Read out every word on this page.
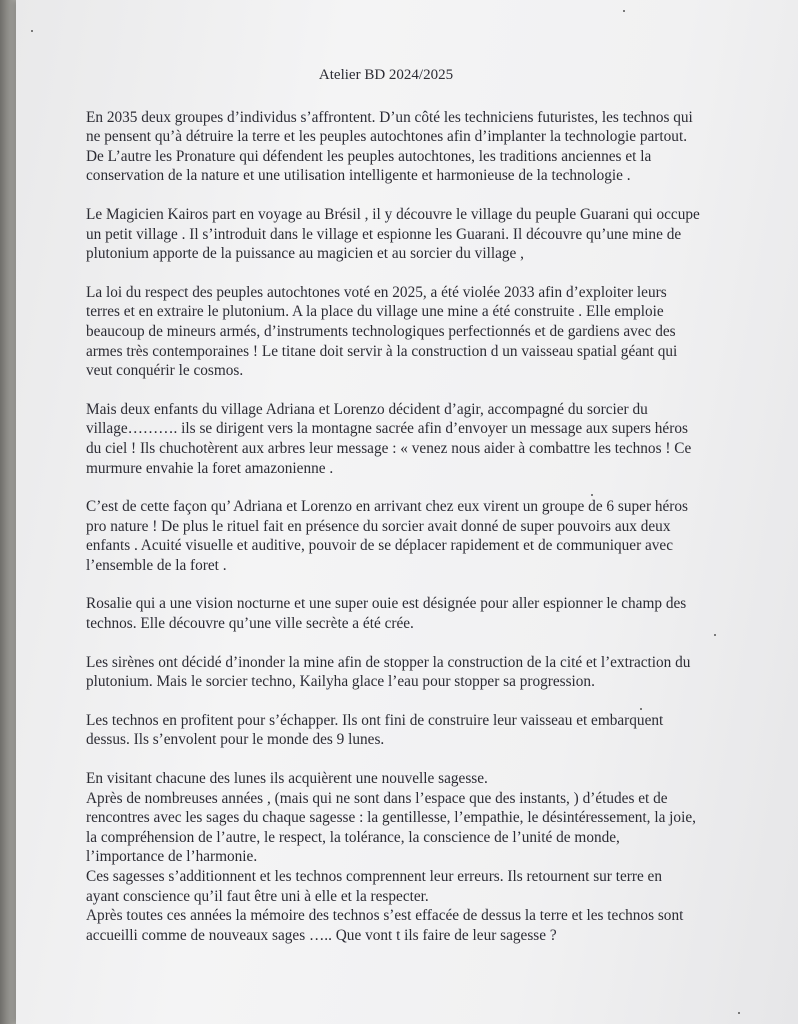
Atelier BD 2024/2025

En 2035 deux groupes d’individus s’affrontent. D’un côté les techniciens futuristes, les technos qui
ne pensent qu’à détruire la terre et les peuples autochtones afin d’implanter la technologie partout.
De L’autre les Pronature qui défendent les peuples autochtones, les traditions anciennes et la
conservation de la nature et une utilisation intelligente et harmonieuse de la technologie .

Le Magicien Kairos part en voyage au Brésil , il y découvre le village du peuple Guarani qui occupe
un petit village . Il s’introduit dans le village et espionne les Guarani. Il découvre qu’une mine de
plutonium apporte de la puissance au magicien et au sorcier du village ,

La loi du respect des peuples autochtones voté en 2025, a été violée 2033 afin d’exploiter leurs
terres et en extraire le plutonium. A la place du village une mine a été construite . Elle emploie
beaucoup de mineurs armés, d’instruments technologiques perfectionnés et de gardiens avec des
armes très contemporaines ! Le titane doit servir à la construction d un vaisseau spatial géant qui
veut conquérir le cosmos.

Mais deux enfants du village Adriana et Lorenzo décident d’agir, accompagné du sorcier du
village………. ils se dirigent vers la montagne sacrée afin d’envoyer un message aux supers héros
du ciel ! Ils chuchotèrent aux arbres leur message : « venez nous aider à combattre les technos ! Ce
murmure envahie la foret amazonienne .

C’est de cette façon qu’ Adriana et Lorenzo en arrivant chez eux virent un groupe de 6 super héros
pro nature ! De plus le rituel fait en présence du sorcier avait donné de super pouvoirs aux deux
enfants . Acuité visuelle et auditive, pouvoir de se déplacer rapidement et de communiquer avec
l’ensemble de la foret .

Rosalie qui a une vision nocturne et une super ouie est désignée pour aller espionner le champ des
technos. Elle découvre qu’une ville secrète a été crée.

Les sirènes ont décidé d’inonder la mine afin de stopper la construction de la cité et l’extraction du
plutonium. Mais le sorcier techno, Kailyha glace l’eau pour stopper sa progression.

Les technos en profitent pour s’échapper. Ils ont fini de construire leur vaisseau et embarquent
dessus. Ils s’envolent pour le monde des 9 lunes.

En visitant chacune des lunes ils acquièrent une nouvelle sagesse.

Après de nombreuses années , (mais qui ne sont dans l’espace que des instants, ) d’études et de
rencontres avec les sages du chaque sagesse : la gentillesse, l’empathie, le désintéressement, la joie,
la compréhension de l’autre, le respect, la tolérance, la conscience de l’unité de monde,
l’importance de l’harmonie.

Ces sagesses s’additionnent et les technos comprennent leur erreurs. Ils retournent sur terre en
ayant conscience qu’il faut être uni à elle et la respecter.

Après toutes ces années la mémoire des technos s’est effacée de dessus la terre et les technos sont
accueilli comme de nouveaux sages ….. Que vont t ils faire de leur sagesse ?
